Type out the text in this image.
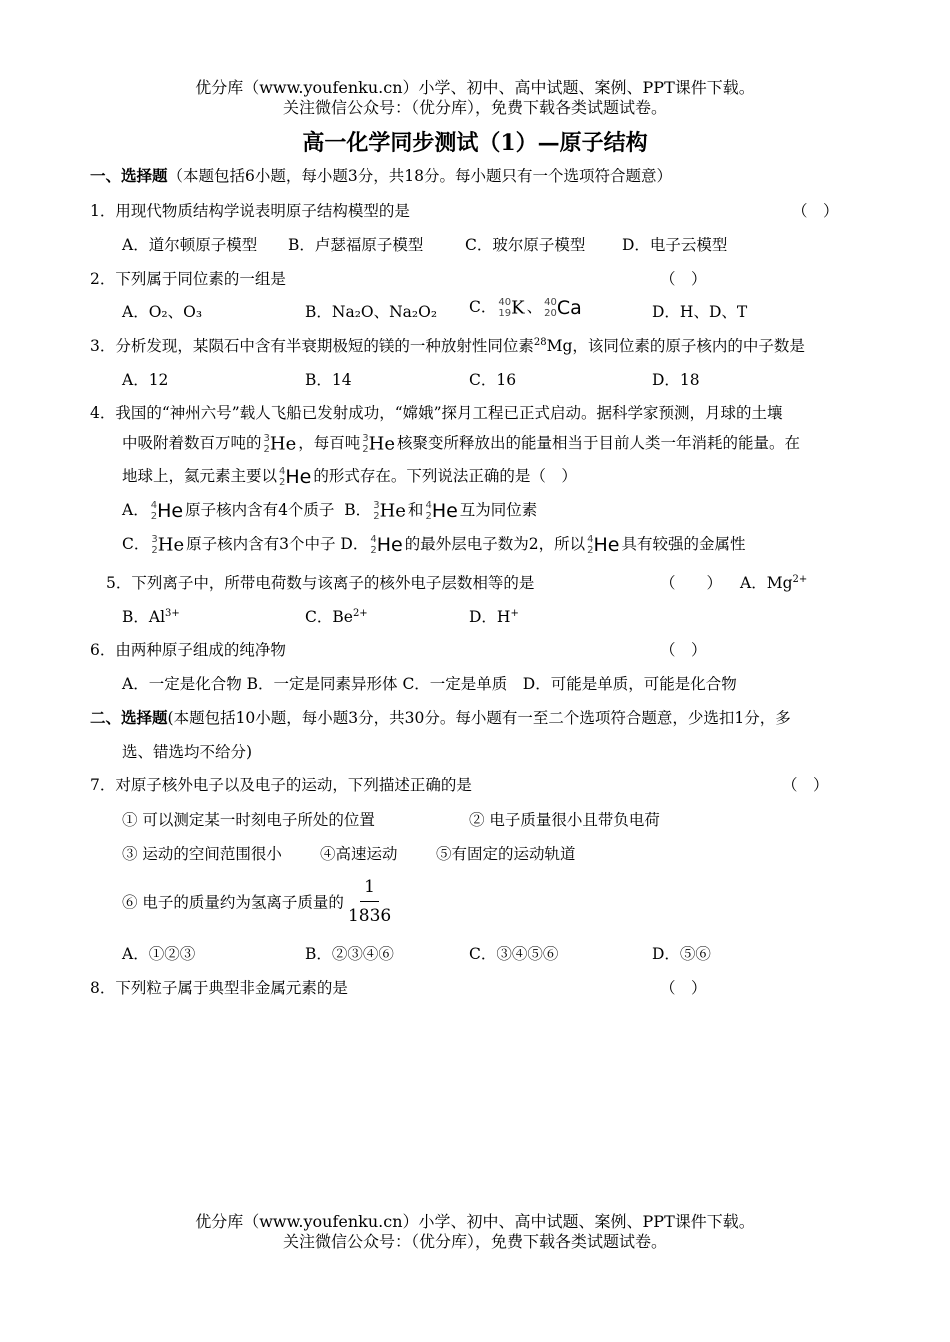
优分库（www.youfenku.cn）小学、初中、高中试题、案例、PPT课件下载。
关注微信公众号：（优分库），免费下载各类试题试卷。
高一化学同步测试（1）—原子结构
一、选择题（本题包括6小题，每小题3分，共18分。每小题只有一个选项符合题意）
1．用现代物质结构学说表明原子结构模型的是	（　）
A．道尔顿原子模型 B．卢瑟福原子模型	C．玻尔原子模型 D．电子云模型
2．下列属于同位素的一组是	（　）
A．O₂、O₃	B．Na₂O、Na₂O₂ C． 40
19 K 、 40
20 Ca	D．H、D、T
3．分析发现，某陨石中含有半衰期极短的镁的一种放射性同位素$^{28}$Mg，该同位素的原子核内的中子数是
A．12	B．14	C．16	D．18
4．我国的“神州六号”载人飞船已发射成功，“嫦娥”探月工程已正式启动。据科学家预测，月球的土壤
中吸附着数百万吨的 3
2 He ，每百吨 3
2 He 核聚变所释放出的能量相当于目前人类一年消耗的能量。在
地球上，氦元素主要以 4
2 He 的形式存在。下列说法正确的是（　）
A． 4
2 He 原子核内含有4个质子 B． 3
2 He 和 4
2 He 互为同位素
C． 3
2 He 原子核内含有3个中子 D． 4
2 He 的最外层电子数为2，所以 4
2 He 具有较强的金属性
5．下列离子中，所带电荷数与该离子的核外电子层数相等的是	（　　） A．$Mg^{2+}$
B．$Al^{3+}$	C．$Be^{2+}$	D．H+
6．由两种原子组成的纯净物	（　）
A．一定是化合物 B．一定是同素异形体 C．一定是单质　D．可能是单质，可能是化合物
二、选择题(本题包括10小题，每小题3分，共30分。每小题有一至二个选项符合题意，少选扣1分，多
选、错选均不给分)
7．对原子核外电子以及电子的运动，下列描述正确的是	（　）
① 可以测定某一时刻电子所处的位置	② 电子质量很小且带负电荷
③ 运动的空间范围很小 ④高速运动 ⑤有固定的运动轨道
⑥ 电子的质量约为氢离子质量的 $\frac{1}{1836}$
A．①②③	B．②③④⑥	C．③④⑤⑥	D．⑤⑥
8．下列粒子属于典型非金属元素的是	（　）
优分库（www.youfenku.cn）小学、初中、高中试题、案例、PPT课件下载。
关注微信公众号：（优分库），免费下载各类试题试卷。
